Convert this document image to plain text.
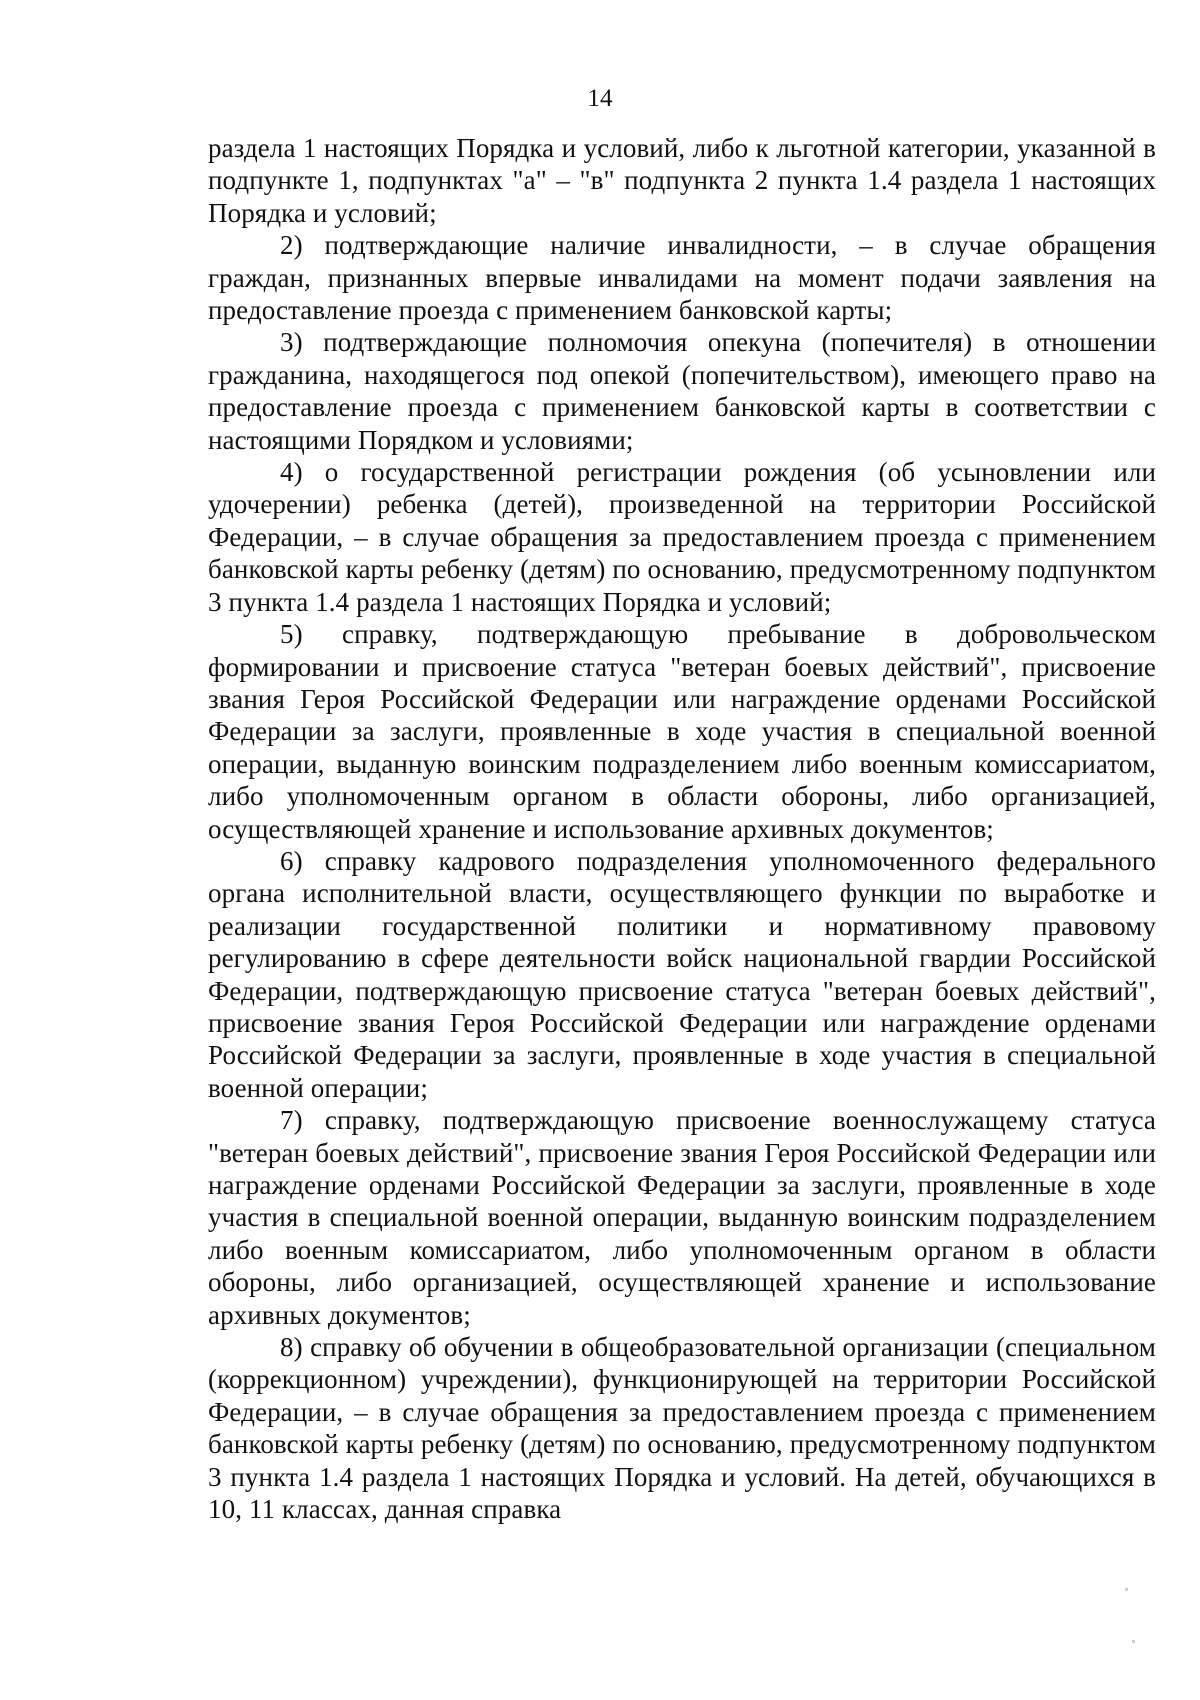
14

раздела 1 настоящих Порядка и условий, либо к льготной категории, указанной в подпункте 1, подпунктах "а" – "в" подпункта 2 пункта 1.4 раздела 1 настоящих Порядка и условий;

2) подтверждающие наличие инвалидности, – в случае обращения граждан, признанных впервые инвалидами на момент подачи заявления на предоставление проезда с применением банковской карты;

3) подтверждающие полномочия опекуна (попечителя) в отношении гражданина, находящегося под опекой (попечительством), имеющего право на предоставление проезда с применением банковской карты в соответствии с настоящими Порядком и условиями;

4) о государственной регистрации рождения (об усыновлении или удочерении) ребенка (детей), произведенной на территории Российской Федерации, – в случае обращения за предоставлением проезда с применением банковской карты ребенку (детям) по основанию, предусмотренному подпунктом 3 пункта 1.4 раздела 1 настоящих Порядка и условий;

5) справку, подтверждающую пребывание в добровольческом формировании и присвоение статуса "ветеран боевых действий", присвоение звания Героя Российской Федерации или награждение орденами Российской Федерации за заслуги, проявленные в ходе участия в специальной военной операции, выданную воинским подразделением либо военным комиссариатом, либо уполномоченным органом в области обороны, либо организацией, осуществляющей хранение и использование архивных документов;

6) справку кадрового подразделения уполномоченного федерального органа исполнительной власти, осуществляющего функции по выработке и реализации государственной политики и нормативному правовому регулированию в сфере деятельности войск национальной гвардии Российской Федерации, подтверждающую присвоение статуса "ветеран боевых действий", присвоение звания Героя Российской Федерации или награждение орденами Российской Федерации за заслуги, проявленные в ходе участия в специальной военной операции;

7) справку, подтверждающую присвоение военнослужащему статуса "ветеран боевых действий", присвоение звания Героя Российской Федерации или награждение орденами Российской Федерации за заслуги, проявленные в ходе участия в специальной военной операции, выданную воинским подразделением либо военным комиссариатом, либо уполномоченным органом в области обороны, либо организацией, осуществляющей хранение и использование архивных документов;

8) справку об обучении в общеобразовательной организации (специальном (коррекционном) учреждении), функционирующей на территории Российской Федерации, – в случае обращения за предоставлением проезда с применением банковской карты ребенку (детям) по основанию, предусмотренному подпунктом 3 пункта 1.4 раздела 1 настоящих Порядка и условий. На детей, обучающихся в 10, 11 классах, данная справка
